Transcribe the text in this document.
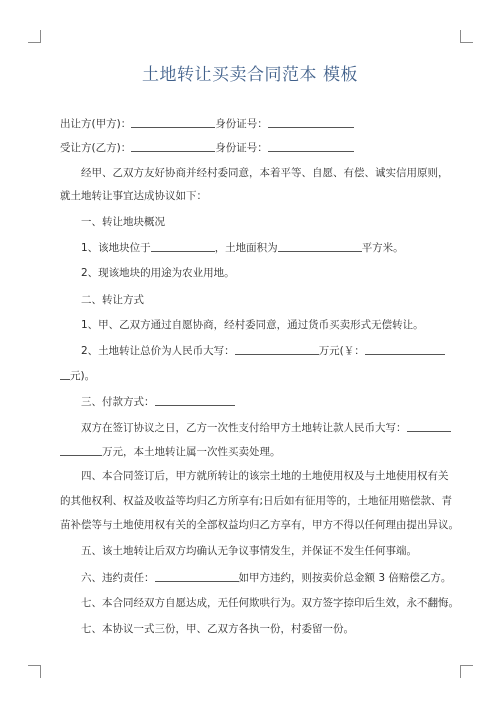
土地转让买卖合同范本 模板
出让方(甲方)：	身份证号：
受让方(乙方)：	身份证号：
经甲、乙双方友好协商并经村委同意，本着平等、自愿、有偿、诚实信用原则，
就土地转让事宜达成协议如下：
一、转让地块概况
1、该地块位于	，土地面积为	平方米。
2、现该地块的用途为农业用地。
二、转让方式
1、甲、乙双方通过自愿协商，经村委同意，通过货币买卖形式无偿转让。
2、土地转让总价为人民币大写：	万元(￥：
元)。
三、付款方式：
双方在签订协议之日，乙方一次性支付给甲方土地转让款人民币大写：
万元，本土地转让属一次性买卖处理。
四、本合同签订后，甲方就所转让的该宗土地的土地使用权及与土地使用权有关
的其他权利、权益及收益等均归乙方所享有;日后如有征用等的，土地征用赔偿款、青
苗补偿等与土地使用权有关的全部权益均归乙方享有，甲方不得以任何理由提出异议。
五、该土地转让后双方均确认无争议事情发生，并保证不发生任何事端。
六、违约责任：	如甲方违约，则按卖价总金额 3 倍赔偿乙方。
七、本合同经双方自愿达成，无任何欺哄行为。双方签字捺印后生效，永不翻悔。
七、本协议一式三份，甲、乙双方各执一份，村委留一份。
